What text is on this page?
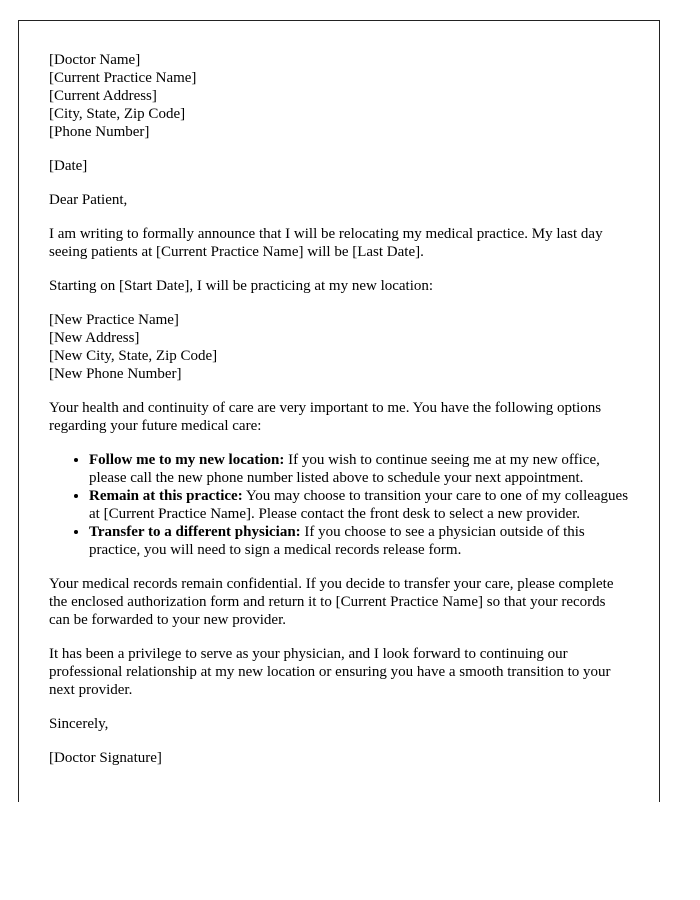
[Doctor Name]
[Current Practice Name]
[Current Address]
[City, State, Zip Code]
[Phone Number]

[Date]

Dear Patient,

I am writing to formally announce that I will be relocating my medical practice. My last day seeing patients at [Current Practice Name] will be [Last Date].

Starting on [Start Date], I will be practicing at my new location:

[New Practice Name]
[New Address]
[New City, State, Zip Code]
[New Phone Number]

Your health and continuity of care are very important to me. You have the following options regarding your future medical care:

• Follow me to my new location: If you wish to continue seeing me at my new office, please call the new phone number listed above to schedule your next appointment.
• Remain at this practice: You may choose to transition your care to one of my colleagues at [Current Practice Name]. Please contact the front desk to select a new provider.
• Transfer to a different physician: If you choose to see a physician outside of this practice, you will need to sign a medical records release form.

Your medical records remain confidential. If you decide to transfer your care, please complete the enclosed authorization form and return it to [Current Practice Name] so that your records can be forwarded to your new provider.

It has been a privilege to serve as your physician, and I look forward to continuing our professional relationship at my new location or ensuring you have a smooth transition to your next provider.

Sincerely,

[Doctor Signature]
